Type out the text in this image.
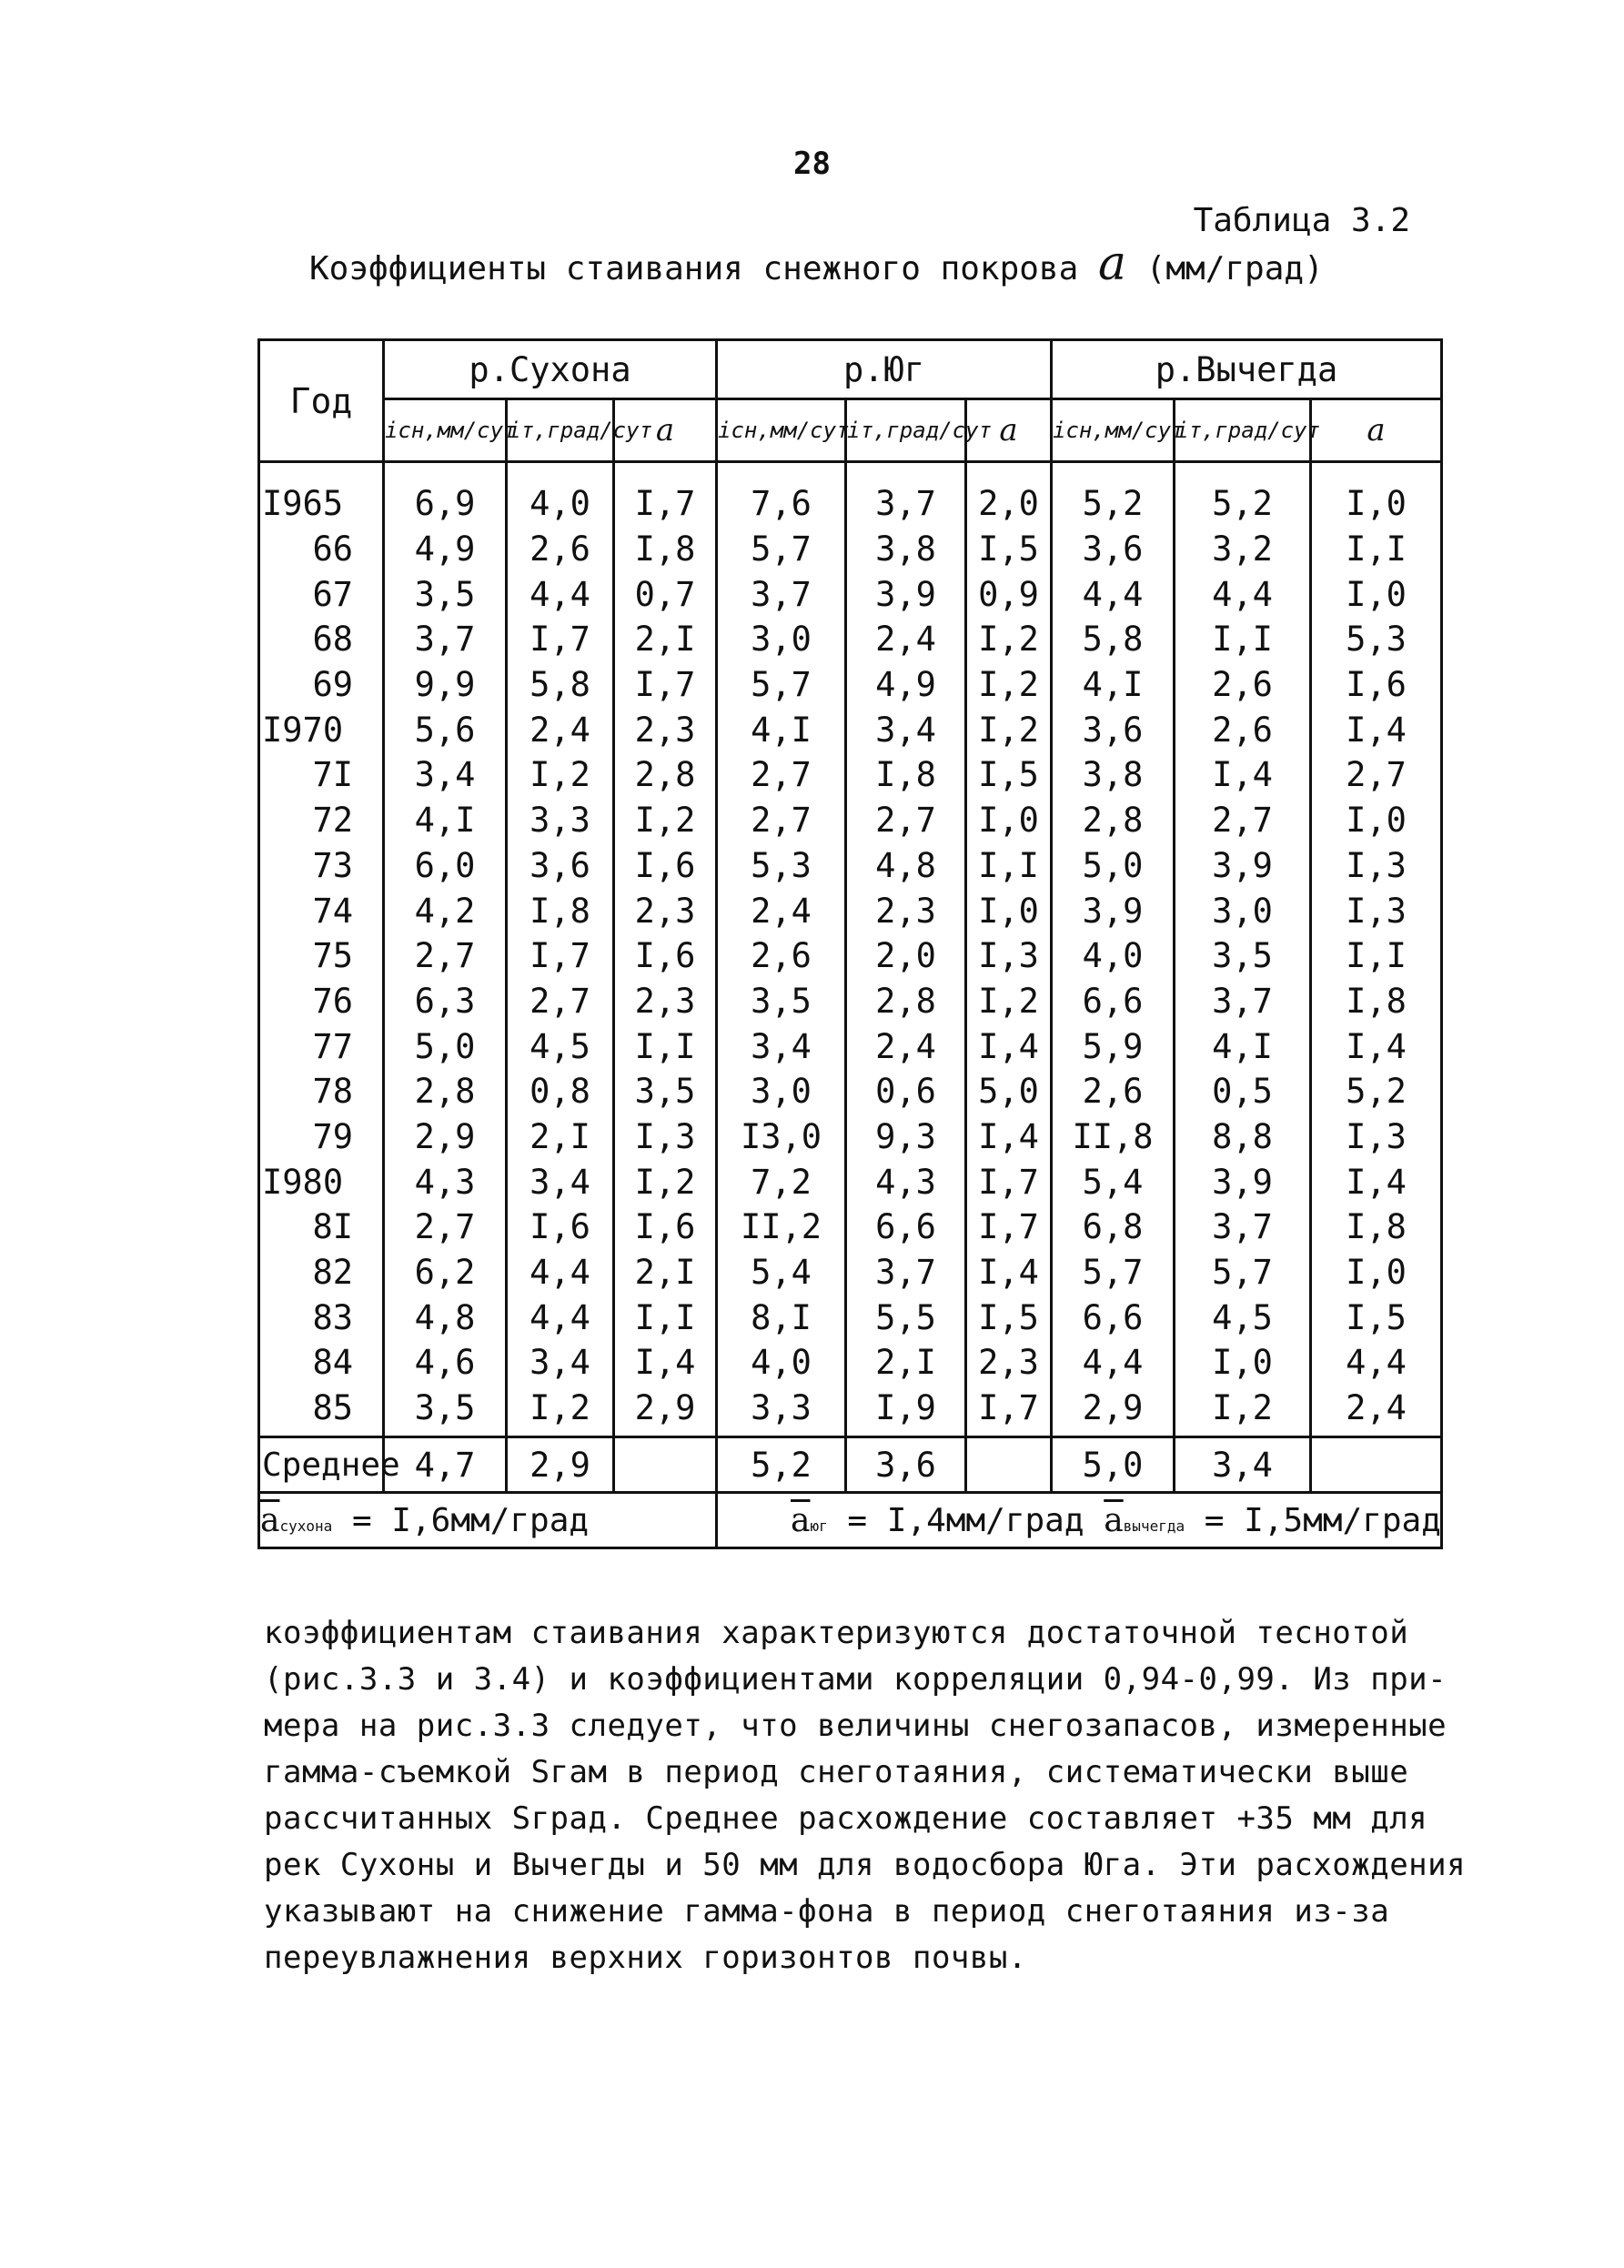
28
Таблица 3.2
Коэффициенты стаивания снежного покрова a (мм/град)
Год	р.Сухона			р.Юг			р.Вычегда		
	iсн,мм/сут	iт,град/сут	a	iсн,мм/сут	iт,град/сут	a	iсн,мм/сут	iт,град/сут	a
I965	6,9	4,0	I,7	7,6	3,7	2,0	5,2	5,2	I,0
66	4,9	2,6	I,8	5,7	3,8	I,5	3,6	3,2	I,I
67	3,5	4,4	0,7	3,7	3,9	0,9	4,4	4,4	I,0
68	3,7	I,7	2,I	3,0	2,4	I,2	5,8	I,I	5,3
69	9,9	5,8	I,7	5,7	4,9	I,2	4,I	2,6	I,6
I970	5,6	2,4	2,3	4,I	3,4	I,2	3,6	2,6	I,4
7I	3,4	I,2	2,8	2,7	I,8	I,5	3,8	I,4	2,7
72	4,I	3,3	I,2	2,7	2,7	I,0	2,8	2,7	I,0
73	6,0	3,6	I,6	5,3	4,8	I,I	5,0	3,9	I,3
74	4,2	I,8	2,3	2,4	2,3	I,0	3,9	3,0	I,3
75	2,7	I,7	I,6	2,6	2,0	I,3	4,0	3,5	I,I
76	6,3	2,7	2,3	3,5	2,8	I,2	6,6	3,7	I,8
77	5,0	4,5	I,I	3,4	2,4	I,4	5,9	4,I	I,4
78	2,8	0,8	3,5	3,0	0,6	5,0	2,6	0,5	5,2
79	2,9	2,I	I,3	I3,0	9,3	I,4	II,8	8,8	I,3
I980	4,3	3,4	I,2	7,2	4,3	I,7	5,4	3,9	I,4
8I	2,7	I,6	I,6	II,2	6,6	I,7	6,8	3,7	I,8
82	6,2	4,4	2,I	5,4	3,7	I,4	5,7	5,7	I,0
83	4,8	4,4	I,I	8,I	5,5	I,5	6,6	4,5	I,5
84	4,6	3,4	I,4	4,0	2,I	2,3	4,4	I,0	4,4
85	3,5	I,2	2,9	3,3	I,9	I,7	2,9	I,2	2,4
Среднее	4,7	2,9		5,2	3,6		5,0	3,4	
$\overline{a}сухона$ = I,6мм/град				$\overline{a}юг$ = I,4мм/град $\overline{a}вычегда$ = I,5мм/град					

коэффициентам стаивания характеризуются достаточной теснотой

(рис.3.3 и 3.4) и коэффициентами корреляции 0,94-0,99. Из при-

мера на рис.3.3 следует, что величины снегозапасов, измеренные

гамма-съемкой Sгам в период снеготаяния, систематически выше

рассчитанных Sград. Среднее расхождение составляет +35 мм для

рек Сухоны и Вычегды и 50 мм для водосбора Юга. Эти расхождения

указывают на снижение гамма-фона в период снеготаяния из-за

переувлажнения верхних горизонтов почвы.
